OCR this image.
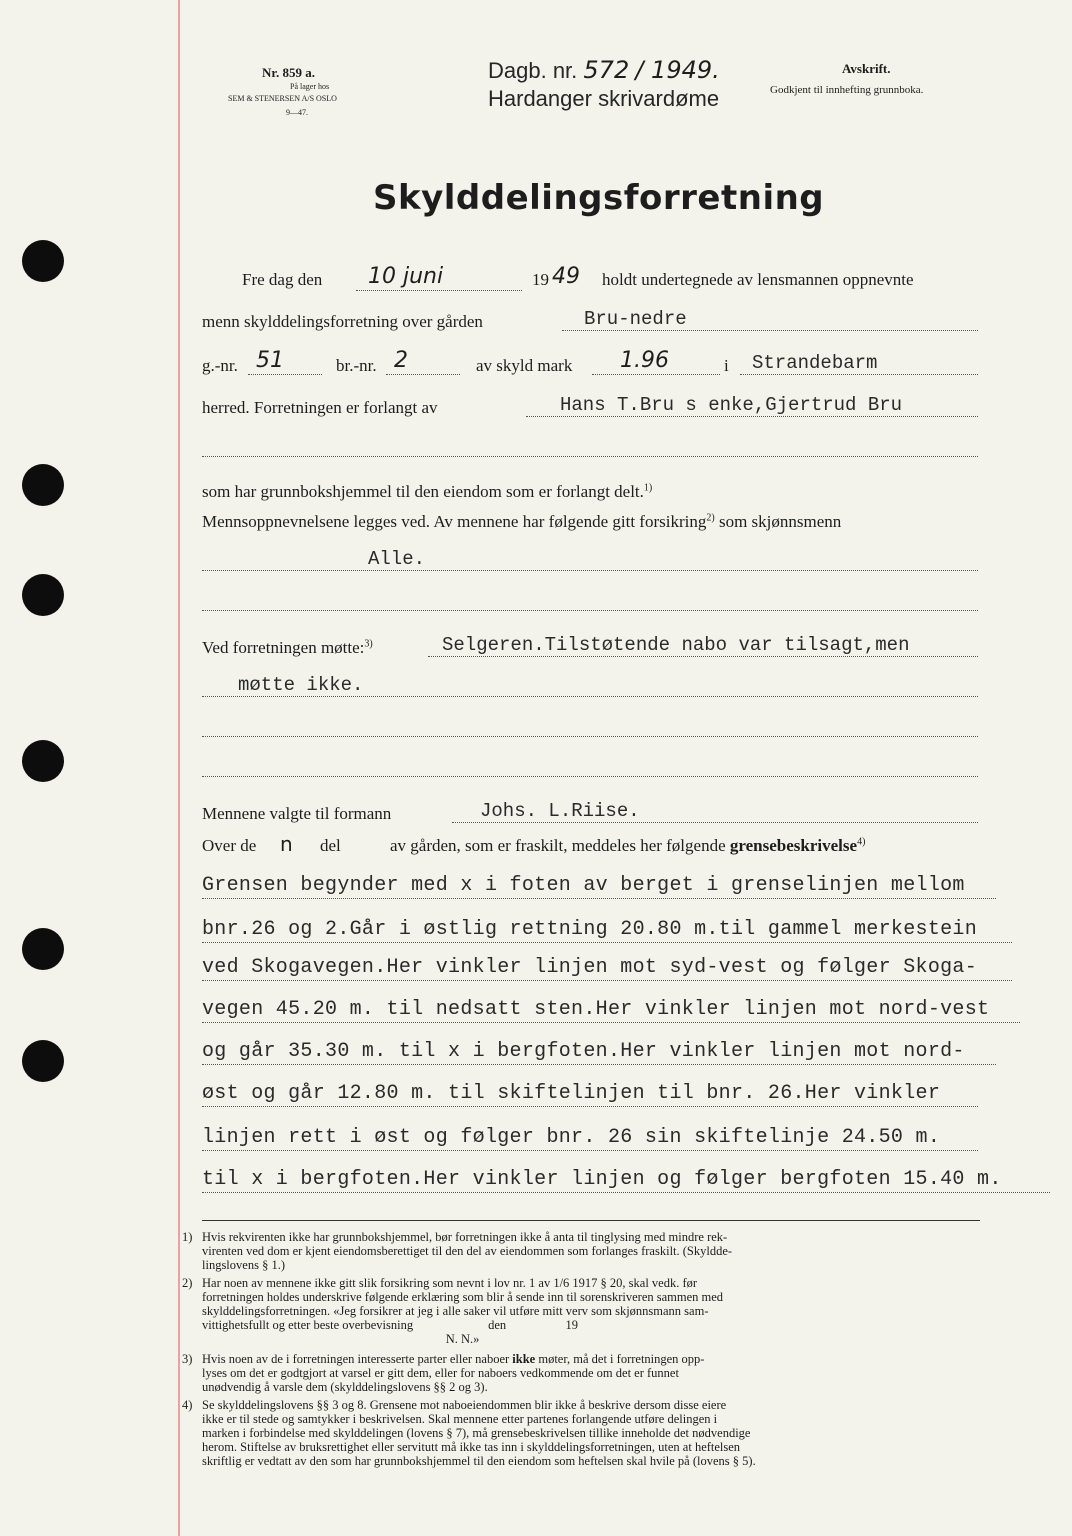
Nr. 859 a.
På lager hos
SEM & STENERSEN A/S OSLO
9—47.
Dagb. nr. 572 / 1949.
Hardanger skrivardøme
Avskrift.
Godkjent til innhefting grunnboka.
Skylddelingsforretning
Fre dag den 10 juni	19 49 holdt undertegnede av lensmannen oppnevnte
menn skylddelingsforretning over gården	Bru-nedre
g.-nr. 51	br.-nr. 2	av skyld mark 1.96	i Strandebarm
herred. Forretningen er forlangt av	Hans T.Bru s enke,Gjertrud Bru
som har grunnbokshjemmel til den eiendom som er forlangt delt.$^{1)}$
Mennsoppnevnelsene legges ved. Av mennene har følgende gitt forsikring$^{2)}$ som skjønnsmenn
Alle.
Ved forretningen møtte:$^{3)}$	Selgeren.Tilstøtende nabo var tilsagt,men
møtte ikke.
Mennene valgte til formann	Johs. L.Riise.
Over de n del	av gården, som er fraskilt, meddeles her følgende grensebeskrivelse$^{4)}$
Grensen begynder med x i foten av berget i grenselinjen mellom
bnr.26 og 2.Går i østlig rettning 20.80 m.til gammel merkestein
ved Skogavegen.Her vinkler linjen mot syd-vest og følger Skoga-
vegen 45.20 m. til nedsatt sten.Her vinkler linjen mot nord-vest
og går 35.30 m. til x i bergfoten.Her vinkler linjen mot nord-
øst og går 12.80 m. til skiftelinjen til bnr. 26.Her vinkler
linjen rett i øst og følger bnr. 26 sin skiftelinje 24.50 m.
til x i bergfoten.Her vinkler linjen og følger bergfoten 15.40 m.
1) Hvis rekvirenten ikke har grunnbokshjemmel, bør forretningen ikke å anta til tinglysing med mindre rek-
virenten ved dom er kjent eiendomsberettiget til den del av eiendommen som forlanges fraskilt. (Skyldde-
lingslovens § 1.)
2) Har noen av mennene ikke gitt slik forsikring som nevnt i lov nr. 1 av 1/6 1917 § 20, skal vedk. før
forretningen holdes underskrive følgende erklæring som blir å sende inn til sorenskriveren sammen med
skylddelingsforretningen. «Jeg forsikrer at jeg i alle saker vil utføre mitt verv som skjønnsmann sam-
vittighetsfullt og etter beste overbevisning                        den                   19
N. N.»
3) Hvis noen av de i forretningen interesserte parter eller naboer ikke møter, må det i forretningen opp-
lyses om det er godtgjort at varsel er gitt dem, eller for naboers vedkommende om det er funnet
unødvendig å varsle dem (skylddelingslovens §§ 2 og 3).
4) Se skylddelingslovens §§ 3 og 8. Grensene mot naboeiendommen blir ikke å beskrive dersom disse eiere
ikke er til stede og samtykker i beskrivelsen. Skal mennene etter partenes forlangende utføre delingen i
marken i forbindelse med skylddelingen (lovens § 7), må grensebeskrivelsen tillike inneholde det nødvendige
herom. Stiftelse av bruksrettighet eller servitutt må ikke tas inn i skylddelingsforretningen, uten at heftelsen
skriftlig er vedtatt av den som har grunnbokshjemmel til den eiendom som heftelsen skal hvile på (lovens § 5).
